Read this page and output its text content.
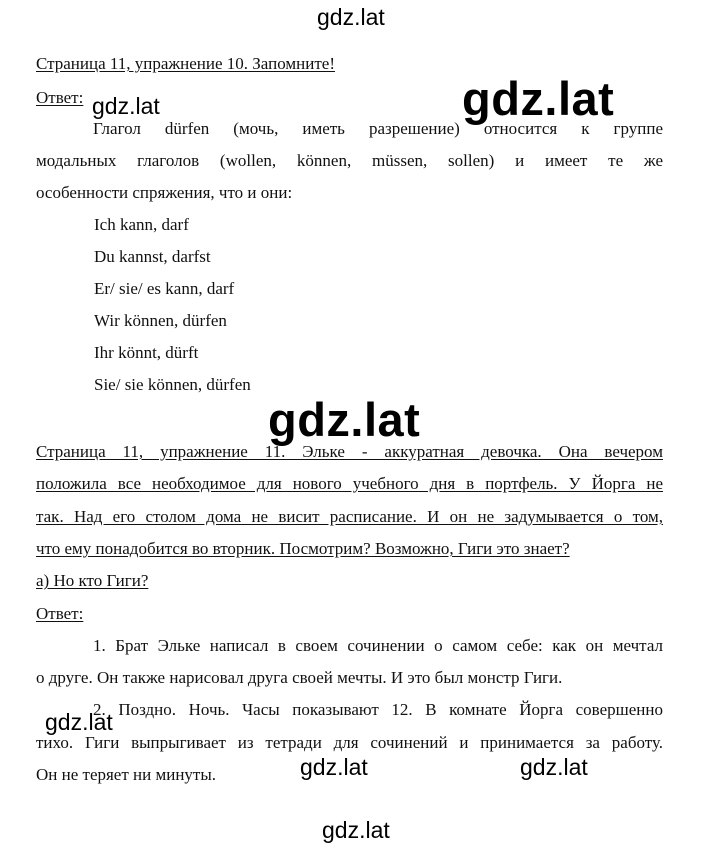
gdz.lat
gdz.lat	gdz.lat
gdz.lat
gdz.lat
gdz.lat	gdz.lat
gdz.lat
Страница 11, упражнение 10. Запомните!
Ответ:
Глагол dürfen (мочь, иметь разрешение) относится к группе
модальных глаголов (wollen, können, müssen, sollen) и имеет те же
особенности спряжения, что и они:
Ich kann, darf
Du kannst, darfst
Er/ sie/ es kann, darf
Wir können, dürfen
Ihr könnt, dürft
Sie/ sie können, dürfen
Страница 11, упражнение 11. Эльке - аккуратная девочка. Она вечером
положила все необходимое для нового учебного дня в портфель. У Йорга не
так. Над его столом дома не висит расписание. И он не задумывается о том,
что ему понадобится во вторник. Посмотрим? Возможно, Гиги это знает?
а) Но кто Гиги?
Ответ:
1. Брат Эльке написал в своем сочинении о самом себе: как он мечтал
о друге. Он также нарисовал друга своей мечты. И это был монстр Гиги.
2. Поздно. Ночь. Часы показывают 12. В комнате Йорга совершенно
тихо. Гиги выпрыгивает из тетради для сочинений и принимается за работу.
Он не теряет ни минуты.
